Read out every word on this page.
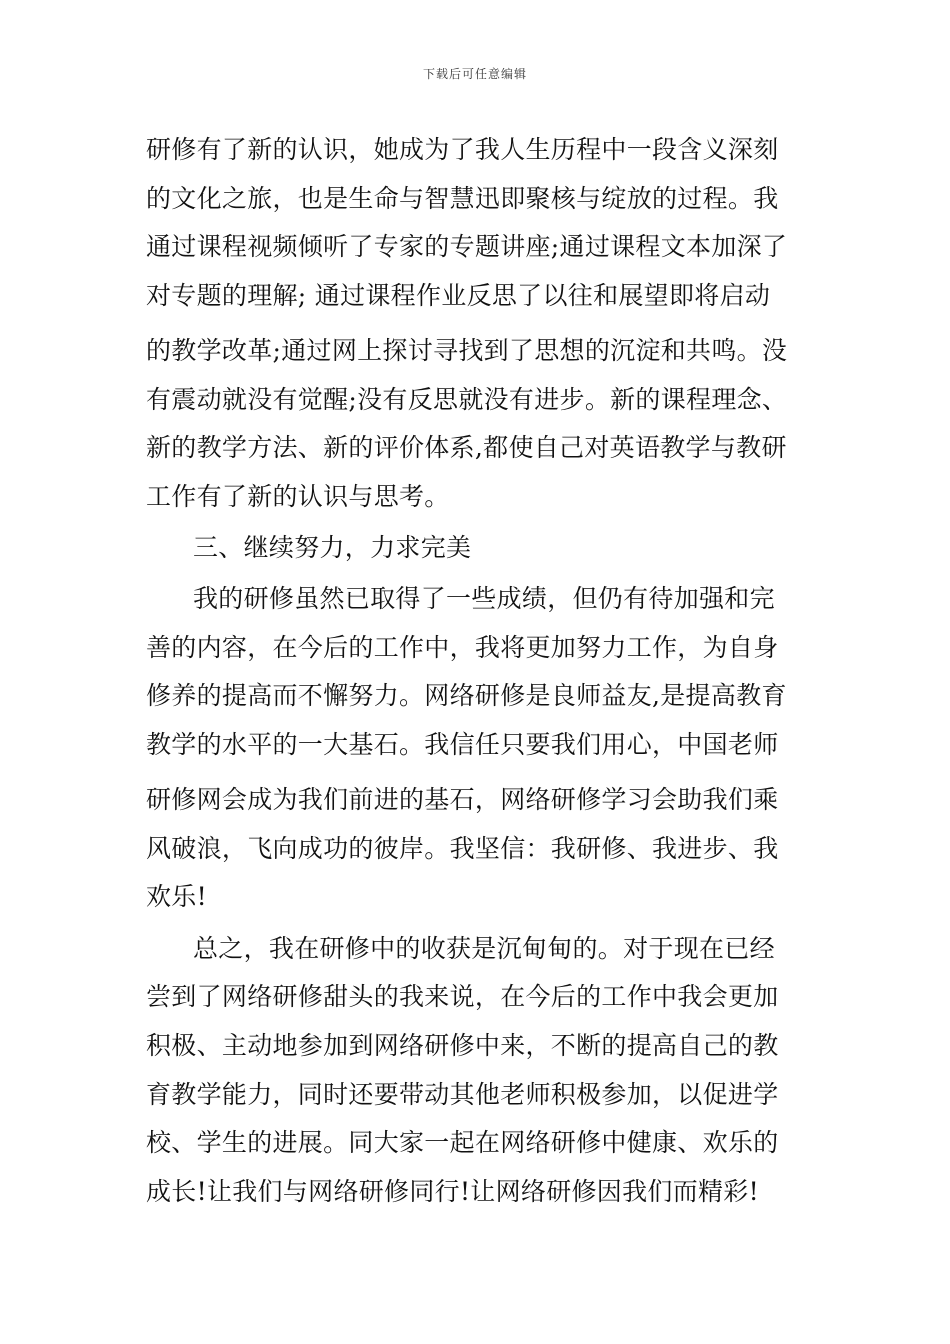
下载后可任意编辑
研修有了新的认识，她成为了我人生历程中一段含义深刻
的文化之旅，也是生命与智慧迅即聚核与绽放的过程。我
通过课程视频倾听了专家的专题讲座;通过课程文本加深了
对专题的理解; 通过课程作业反思了以往和展望即将启动
的教学改革;通过网上探讨寻找到了思想的沉淀和共鸣。没
有震动就没有觉醒;没有反思就没有进步。新的课程理念、
新的教学方法、新的评价体系,都使自己对英语教学与教研
工作有了新的认识与思考。
三、继续努力，力求完美
我的研修虽然已取得了一些成绩，但仍有待加强和完
善的内容，在今后的工作中，我将更加努力工作，为自身
修养的提高而不懈努力。网络研修是良师益友,是提高教育
教学的水平的一大基石。我信任只要我们用心，中国老师
研修网会成为我们前进的基石，网络研修学习会助我们乘
风破浪，飞向成功的彼岸。我坚信：我研修、我进步、我
欢乐!
总之，我在研修中的收获是沉甸甸的。对于现在已经
尝到了网络研修甜头的我来说，在今后的工作中我会更加
积极、主动地参加到网络研修中来，不断的提高自己的教
育教学能力，同时还要带动其他老师积极参加，以促进学
校、学生的进展。同大家一起在网络研修中健康、欢乐的
成长!让我们与网络研修同行!让网络研修因我们而精彩!
